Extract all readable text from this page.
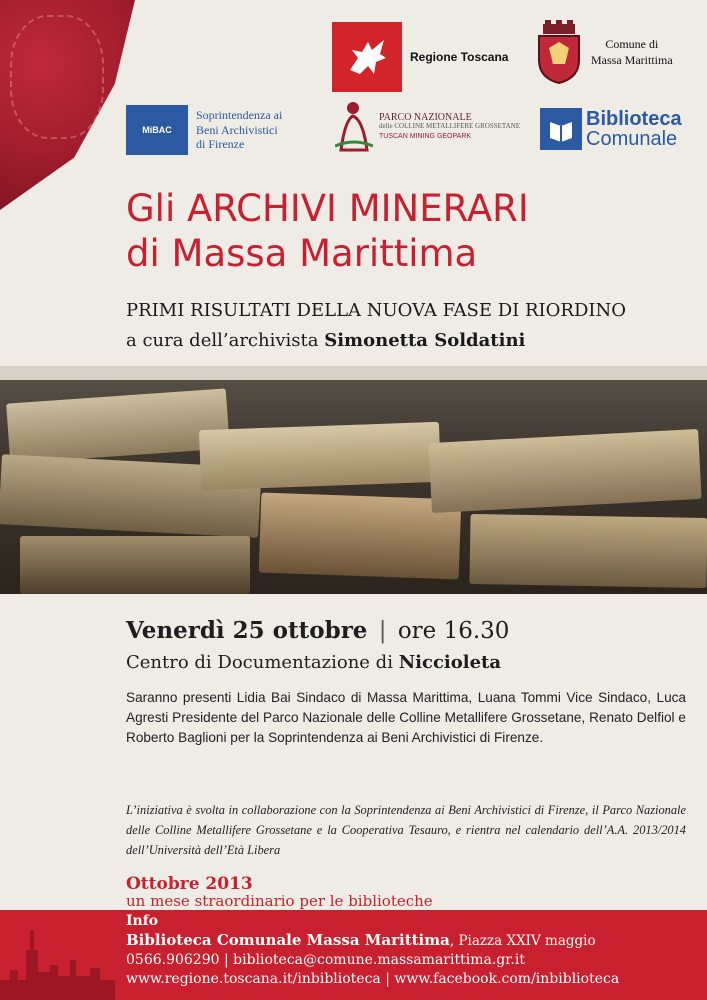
Regione Toscana
Comune di
Massa Marittima
MiBAC
Soprintendenza ai
Beni Archivistici
di Firenze
PARCO NAZIONALE
delle COLLINE METALLIFERE GROSSETANE
TUSCAN MINING GEOPARK
Biblioteca
Comunale
Gli ARCHIVI MINERARI
di Massa Marittima
PRIMI RISULTATI DELLA NUOVA FASE DI RIORDINO
a cura dell’archivista Simonetta Soldatini
Venerdì 25 ottobre | ore 16.30
Centro di Documentazione di Niccioleta
Saranno presenti Lidia Bai Sindaco di Massa Marittima, Luana Tommi Vice Sindaco, Luca Agresti Presidente del Parco Nazionale delle Colline Metallifere Grossetane, Renato Delfiol e Roberto Baglioni per la Soprintendenza ai Beni Archivistici di Firenze.
L’iniziativa è svolta in collaborazione con la Soprintendenza ai Beni Archivistici di Firenze, il Parco Nazionale delle Colline Metallifere Grossetane e la Cooperativa Tesauro, e rientra nel calendario dell’A.A. 2013/2014 dell’Università dell’Età Libera
Ottobre 2013
un mese straordinario per le biblioteche
Info
Biblioteca Comunale Massa Marittima, Piazza XXIV maggio
0566.906290 | biblioteca@comune.massamarittima.gr.it
www.regione.toscana.it/inbiblioteca | www.facebook.com/inbiblioteca
